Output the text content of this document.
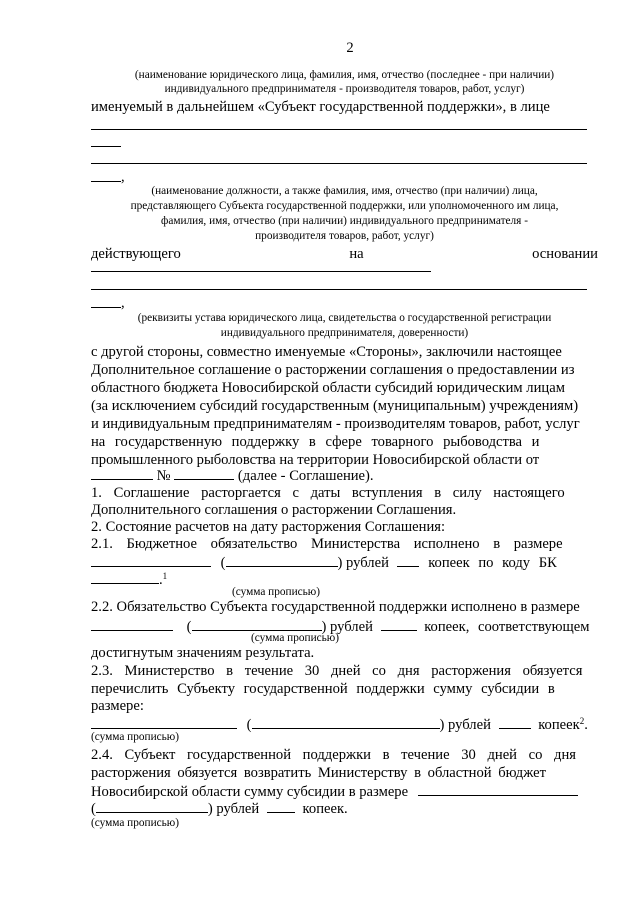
2
(наименование юридического лица, фамилия, имя, отчество (последнее - при наличии)
индивидуального предпринимателя - производителя товаров, работ, услуг)
именуемый в дальнейшем «Субъект государственной поддержки», в лице
,
(наименование должности, а также фамилия, имя, отчество (при наличии) лица,
представляющего Субъекта государственной поддержки, или уполномоченного им лица,
фамилия, имя, отчество (при наличии) индивидуального предпринимателя -
производителя товаров, работ, услуг)
действующего	на	основании
,
(реквизиты устава юридического лица, свидетельства о государственной регистрации
индивидуального предпринимателя, доверенности)
с другой стороны, совместно именуемые «Стороны», заключили настоящее
Дополнительное соглашение о расторжении соглашения о предоставлении из
областного бюджета Новосибирской области субсидий юридическим лицам
(за исключением субсидий государственным (муниципальным) учреждениям)
и индивидуальным предпринимателям - производителям товаров, работ, услуг
на государственную поддержку в сфере товарного рыбоводства и
промышленного рыболовства на территории Новосибирской области от
№	(далее - Соглашение).
1. Соглашение расторгается с даты вступления в силу настоящего
Дополнительного соглашения о расторжении Соглашения.
2. Состояние расчетов на дату расторжения Соглашения:
2.1. Бюджетное обязательство Министерства исполнено в размере
(	) рублей	копеек по коду БК
.$^1$
(сумма прописью)
2.2. Обязательство Субъекта государственной поддержки исполнено в размере
(	) рублей	копеек, соответствующем
(сумма прописью)
достигнутым значениям результата.
2.3. Министерство в течение 30 дней со дня расторжения обязуется
перечислить Субъекту государственной поддержки сумму субсидии в
размере:
(	) рублей	копеек$^2$.
(сумма прописью)
2.4. Субъект государственной поддержки в течение 30 дней со дня
расторжения обязуется возвратить Министерству в областной бюджет
Новосибирской области сумму субсидии в размере
(	) рублей	копеек.
(сумма прописью)
